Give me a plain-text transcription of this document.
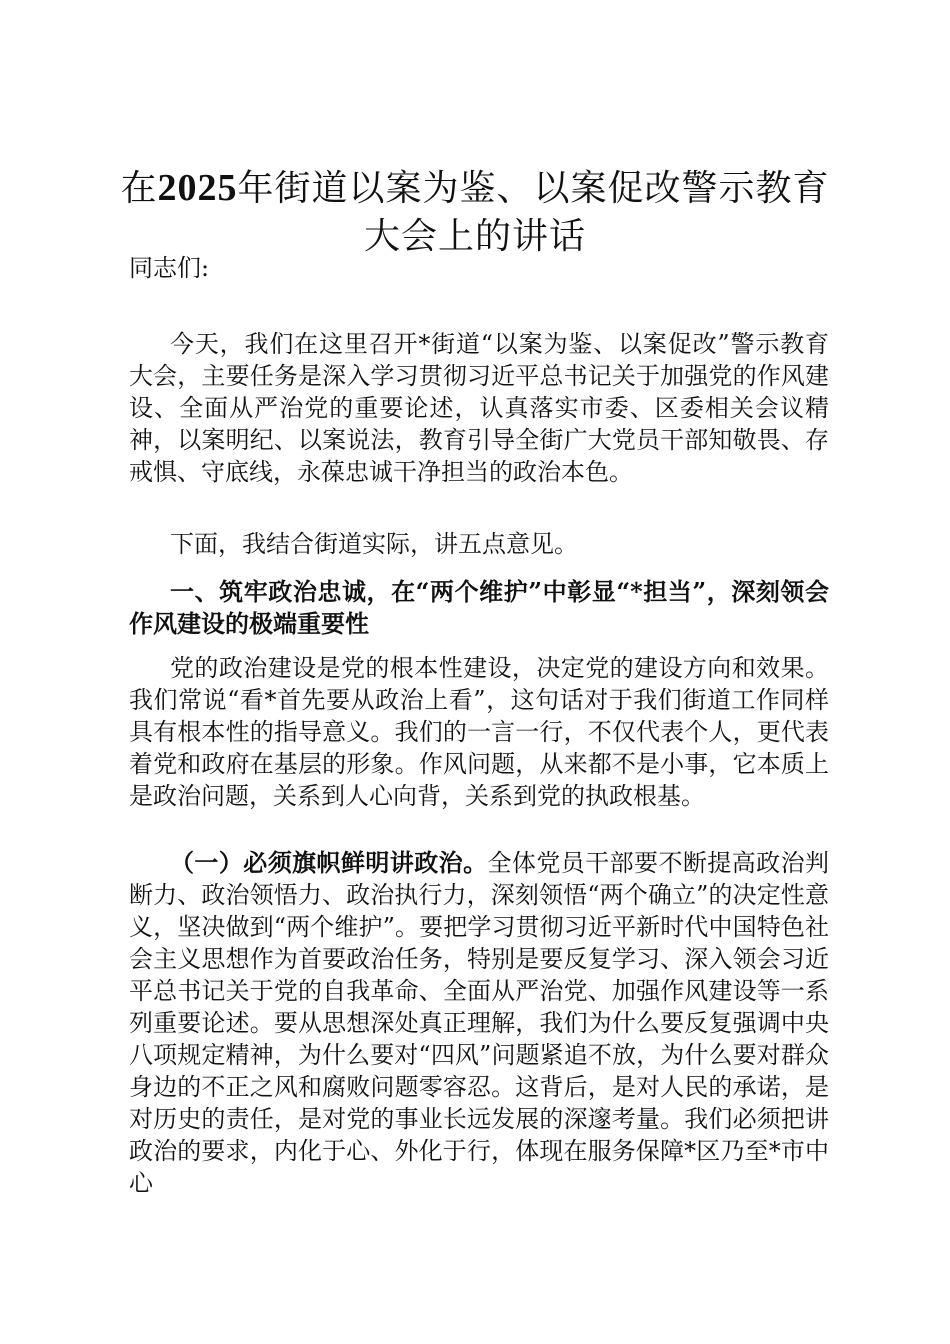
在2025年街道以案为鉴、以案促改警示教育
大会上的讲话

同志们:

今天，我们在这里召开*街道“以案为鉴、以案促改”警示教育大会，主要任务是深入学习贯彻习近平总书记关于加强党的作风建设、全面从严治党的重要论述，认真落实市委、区委相关会议精神，以案明纪、以案说法，教育引导全街广大党员干部知敬畏、存戒惧、守底线，永葆忠诚干净担当的政治本色。

下面，我结合街道实际，讲五点意见。

一、筑牢政治忠诚，在“两个维护”中彰显“*担当”，深刻领会作风建设的极端重要性

党的政治建设是党的根本性建设，决定党的建设方向和效果。我们常说“看*首先要从政治上看”，这句话对于我们街道工作同样具有根本性的指导意义。我们的一言一行，不仅代表个人，更代表着党和政府在基层的形象。作风问题，从来都不是小事，它本质上是政治问题，关系到人心向背，关系到党的执政根基。

（一）必须旗帜鲜明讲政治。全体党员干部要不断提高政治判断力、政治领悟力、政治执行力，深刻领悟“两个确立”的决定性意义，坚决做到“两个维护”。要把学习贯彻习近平新时代中国特色社会主义思想作为首要政治任务，特别是要反复学习、深入领会习近平总书记关于党的自我革命、全面从严治党、加强作风建设等一系列重要论述。要从思想深处真正理解，我们为什么要反复强调中央八项规定精神，为什么要对“四风”问题紧追不放，为什么要对群众身边的不正之风和腐败问题零容忍。这背后，是对人民的承诺，是对历史的责任，是对党的事业长远发展的深邃考量。我们必须把讲政治的要求，内化于心、外化于行，体现在服务保障*区乃至*市中心
